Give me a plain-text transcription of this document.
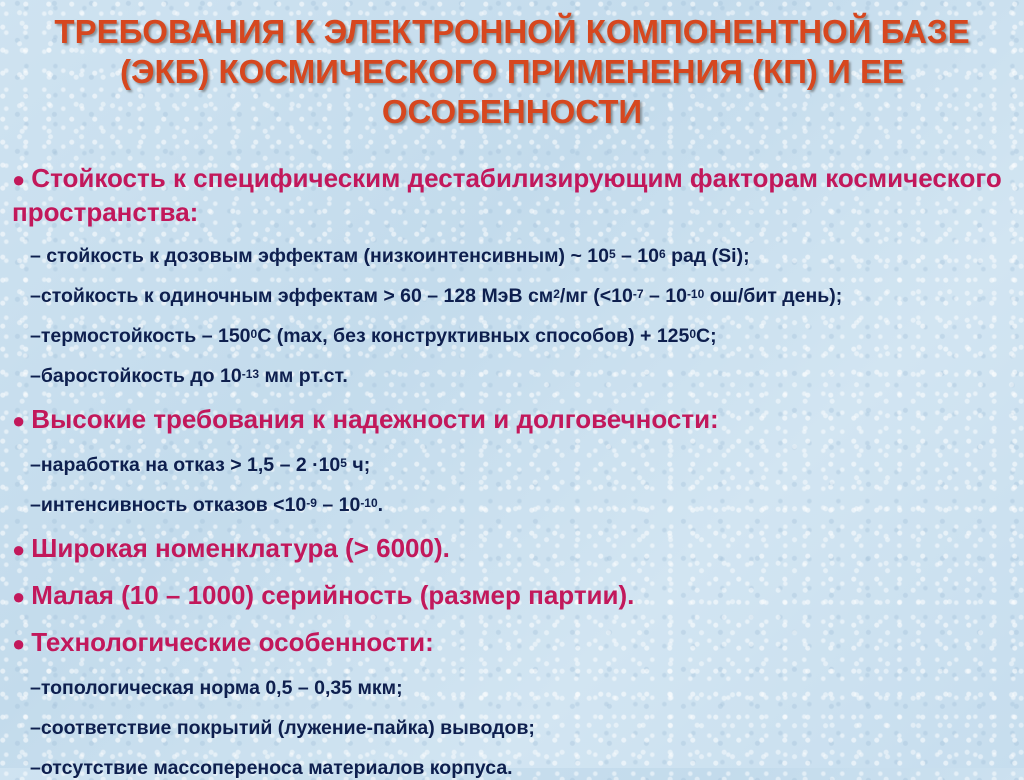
ТРЕБОВАНИЯ К ЭЛЕКТРОННОЙ КОМПОНЕНТНОЙ БАЗЕ (ЭКБ) КОСМИЧЕСКОГО ПРИМЕНЕНИЯ (КП) И ЕЕ ОСОБЕННОСТИ

● Стойкость к специфическим дестабилизирующим факторам космического пространства:

– стойкость к дозовым эффектам (низкоинтенсивным) ~ $10^5 - 10^6$ рад (Si);

–стойкость к одиночным эффектам > 60 – 128 МэВ $см^2/мг$ ($<10^{-7} - 10^{-10}$ ош/бит день);

–термостойкость – $150^0С$ (max, без конструктивных способов) + $125^0С$;

–баростойкость до $10^{-13}$ мм рт.ст.

● Высокие требования к надежности и долговечности:

–наработка на отказ > $1,5 - 2 \cdot 10^5$ ч;

–интенсивность отказов $<10^{-9} - 10^{-10}$.

● Широкая номенклатура (> 6000).

● Малая (10 – 1000) серийность (размер партии).

● Технологические особенности:

–топологическая норма 0,5 – 0,35 мкм;

–соответствие покрытий (лужение-пайка) выводов;

–отсутствие массопереноса материалов корпуса.
